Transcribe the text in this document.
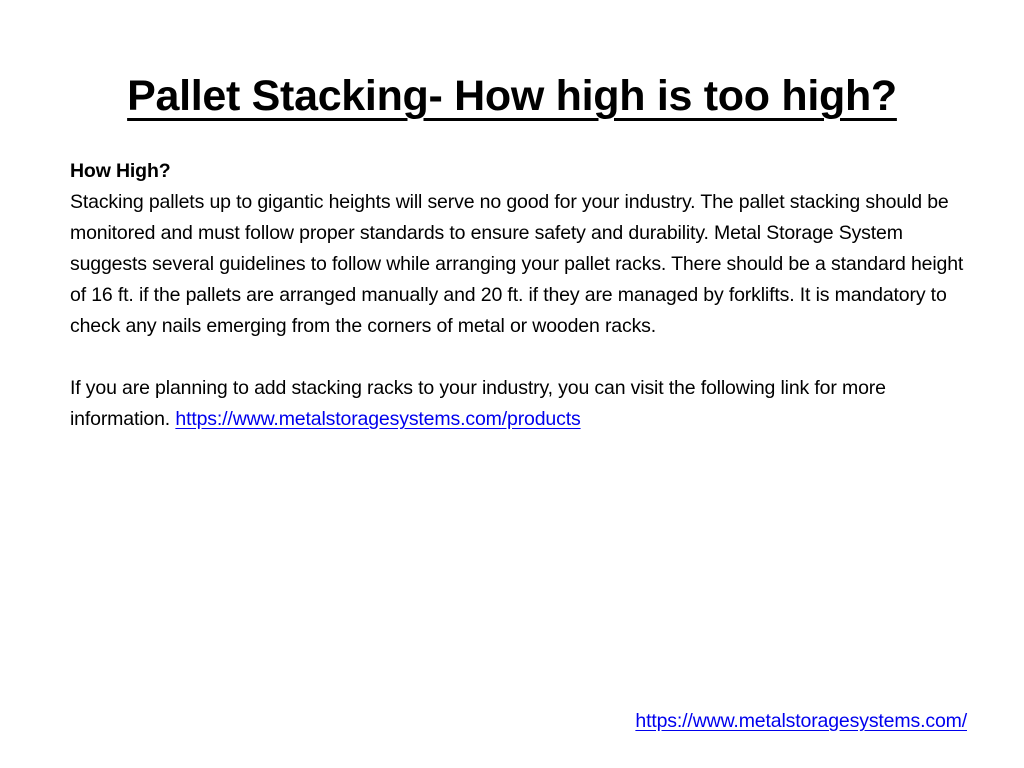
Pallet Stacking- How high is too high?

How High?

Stacking pallets up to gigantic heights will serve no good for your industry. The pallet stacking should be monitored and must follow proper standards to ensure safety and durability. Metal Storage System suggests several guidelines to follow while arranging your pallet racks. There should be a standard height of 16 ft. if the pallets are arranged manually and 20 ft. if they are managed by forklifts. It is mandatory to check any nails emerging from the corners of metal or wooden racks.

If you are planning to add stacking racks to your industry, you can visit the following link for more information. https://www.metalstoragesystems.com/products

https://www.metalstoragesystems.com/
